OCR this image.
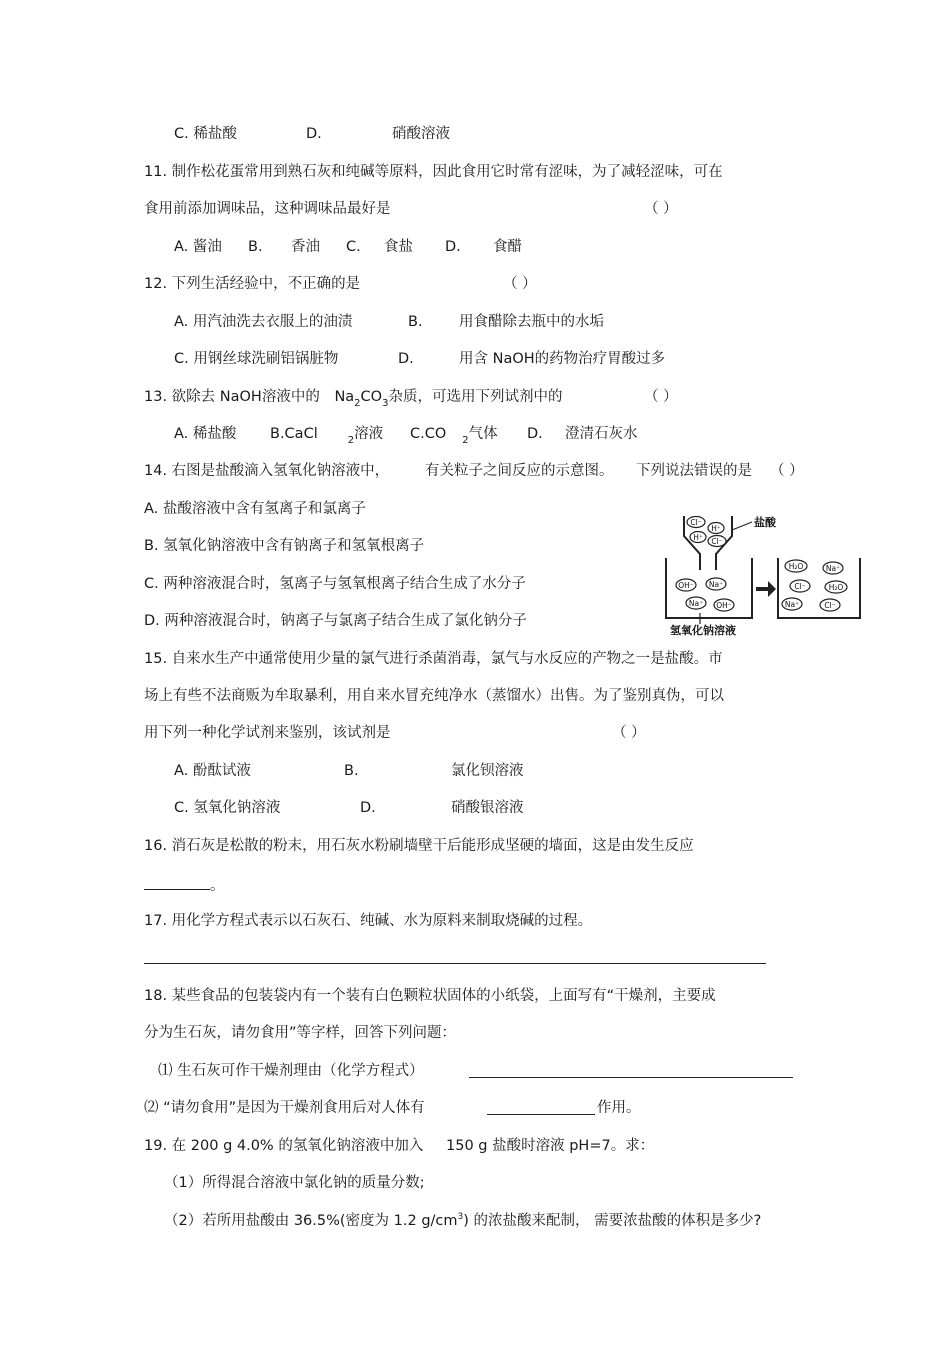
C. 稀盐酸	D.	硝酸溶液
11. 制作松花蛋常用到熟石灰和纯碱等原料，因此食用它时常有涩味，为了减轻涩味，可在
食用前添加调味品，这种调味品最好是	（ ）
A. 酱油 B. 香油 C. 食盐 D. 食醋
12. 下列生活经验中，不正确的是	（ ）
A. 用汽油洗去衣服上的油渍	B.	用食醋除去瓶中的水垢
C. 用钢丝球洗刷铝锅脏物	D.	用含 NaOH的药物治疗胃酸过多
13. 欲除去 NaOH溶液中的 $Na_2CO_3$杂质，可选用下列试剂中的	（ ）
A. 稀盐酸 B.CaCl	$_2$溶液 C.CO $_2$气体 D. 澄清石灰水
14. 右图是盐酸滴入氢氧化钠溶液中， 有关粒子之间反应的示意图。 下列说法错误的是 （ ）
A. 盐酸溶液中含有氢离子和氯离子
B. 氢氧化钠溶液中含有钠离子和氢氧根离子
C. 两种溶液混合时，氢离子与氢氧根离子结合生成了水分子
D. 两种溶液混合时，钠离子与氯离子结合生成了氯化钠分子
盐酸
Cl⁻
H⁺
H⁺ Cl⁻
OH⁻ Na⁺
Na⁺ OH⁻
H₂O	Na⁺
Cl⁻	H₂O
Na⁺	Cl⁻
氢氧化钠溶液
15. 自来水生产中通常使用少量的氯气进行杀菌消毒，氯气与水反应的产物之一是盐酸。市
场上有些不法商贩为牟取暴利，用自来水冒充纯净水（蒸馏水）出售。为了鉴别真伪，可以
用下列一种化学试剂来鉴别，该试剂是	（ ）
A. 酚酞试液	B.	氯化钡溶液
C. 氢氧化钠溶液	D.	硝酸银溶液
16. 消石灰是松散的粉末，用石灰水粉刷墙壁干后能形成坚硬的墙面，这是由发生反应
。
17. 用化学方程式表示以石灰石、纯碱、水为原料来制取烧碱的过程。
18. 某些食品的包装袋内有一个装有白色颗粒状固体的小纸袋，上面写有“干燥剂，主要成
分为生石灰，请勿食用”等字样，回答下列问题：
⑴ 生石灰可作干燥剂理由（化学方程式）
⑵ “请勿食用”是因为干燥剂食用后对人体有	作用。
19. 在 200 g 4.0% 的氢氧化钠溶液中加入 150 g 盐酸时溶液 pH=7。求：
（1）所得混合溶液中氯化钠的质量分数;
（2）若所用盐酸由 36.5%(密度为 1.2 $g/cm^3$) 的浓盐酸来配制， 需要浓盐酸的体积是多少?
